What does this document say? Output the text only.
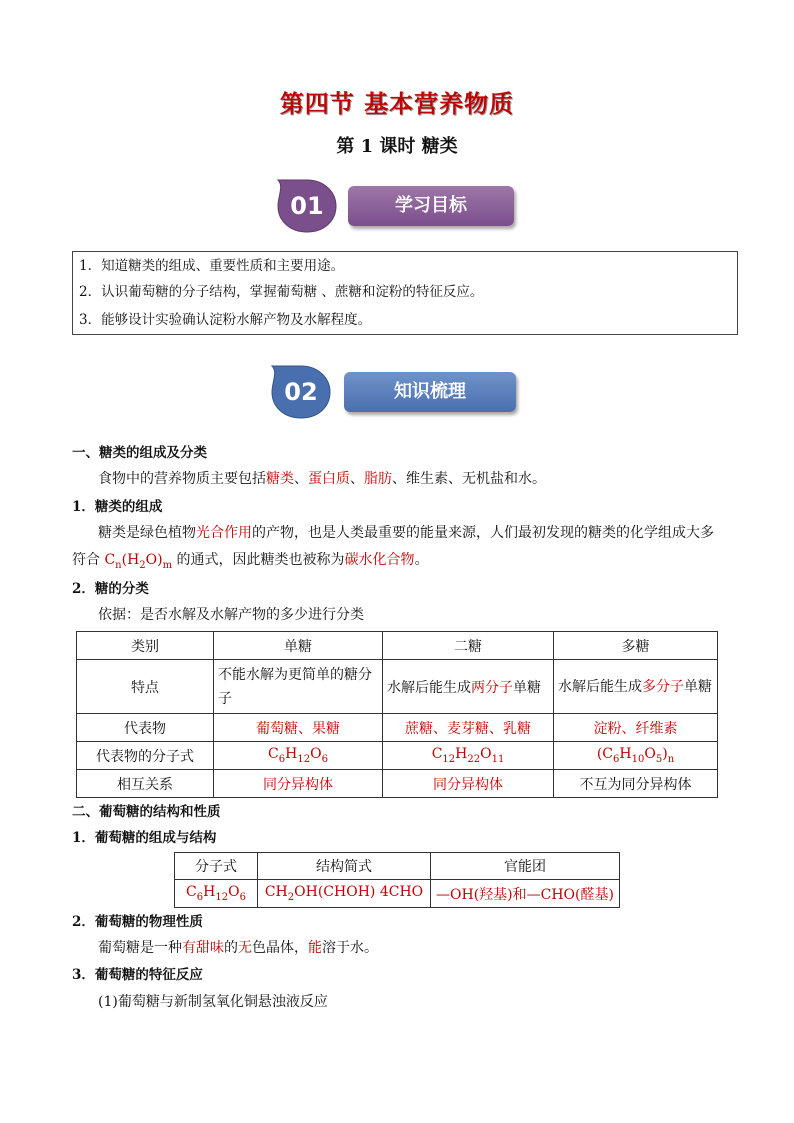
第四节 基本营养物质
第 1 课时 糖类
01	学习目标
1．知道糖类的组成、重要性质和主要用途。
2．认识葡萄糖的分子结构，掌握葡萄糖 、蔗糖和淀粉的特征反应。
3．能够设计实验确认淀粉水解产物及水解程度。
02	知识梳理
一、糖类的组成及分类
食物中的营养物质主要包括糖类、蛋白质、脂肪、维生素、无机盐和水。
1．糖类的组成
糖类是绿色植物光合作用的产物，也是人类最重要的能量来源，人们最初发现的糖类的化学组成大多
符合 $C_n(H_2O)_m$ 的通式，因此糖类也被称为碳水化合物。
2．糖的分类
依据：是否水解及水解产物的多少进行分类
类别	单糖	二糖	多糖
特点	不能水解为更简单的糖分子	水解后能生成两分子单糖	水解后能生成多分子单糖
代表物	葡萄糖、果糖	蔗糖、麦芽糖、乳糖	淀粉、纤维素
代表物的分子式	$C_6H_{12}O_6$	$C_{12}H_{22}O_{11}$	$(C_6H_{10}O_5)_n$
相互关系	同分异构体	同分异构体	不互为同分异构体
二、葡萄糖的结构和性质
1．葡萄糖的组成与结构
分子式	结构简式	官能团
$C_6H_{12}O_6$	$CH_2OH(CHOH)$ 4CHO	—OH(羟基)和—CHO(醛基)
2．葡萄糖的物理性质
葡萄糖是一种有甜味的无色晶体，能溶于水。
3．葡萄糖的特征反应
(1)葡萄糖与新制氢氧化铜悬浊液反应
